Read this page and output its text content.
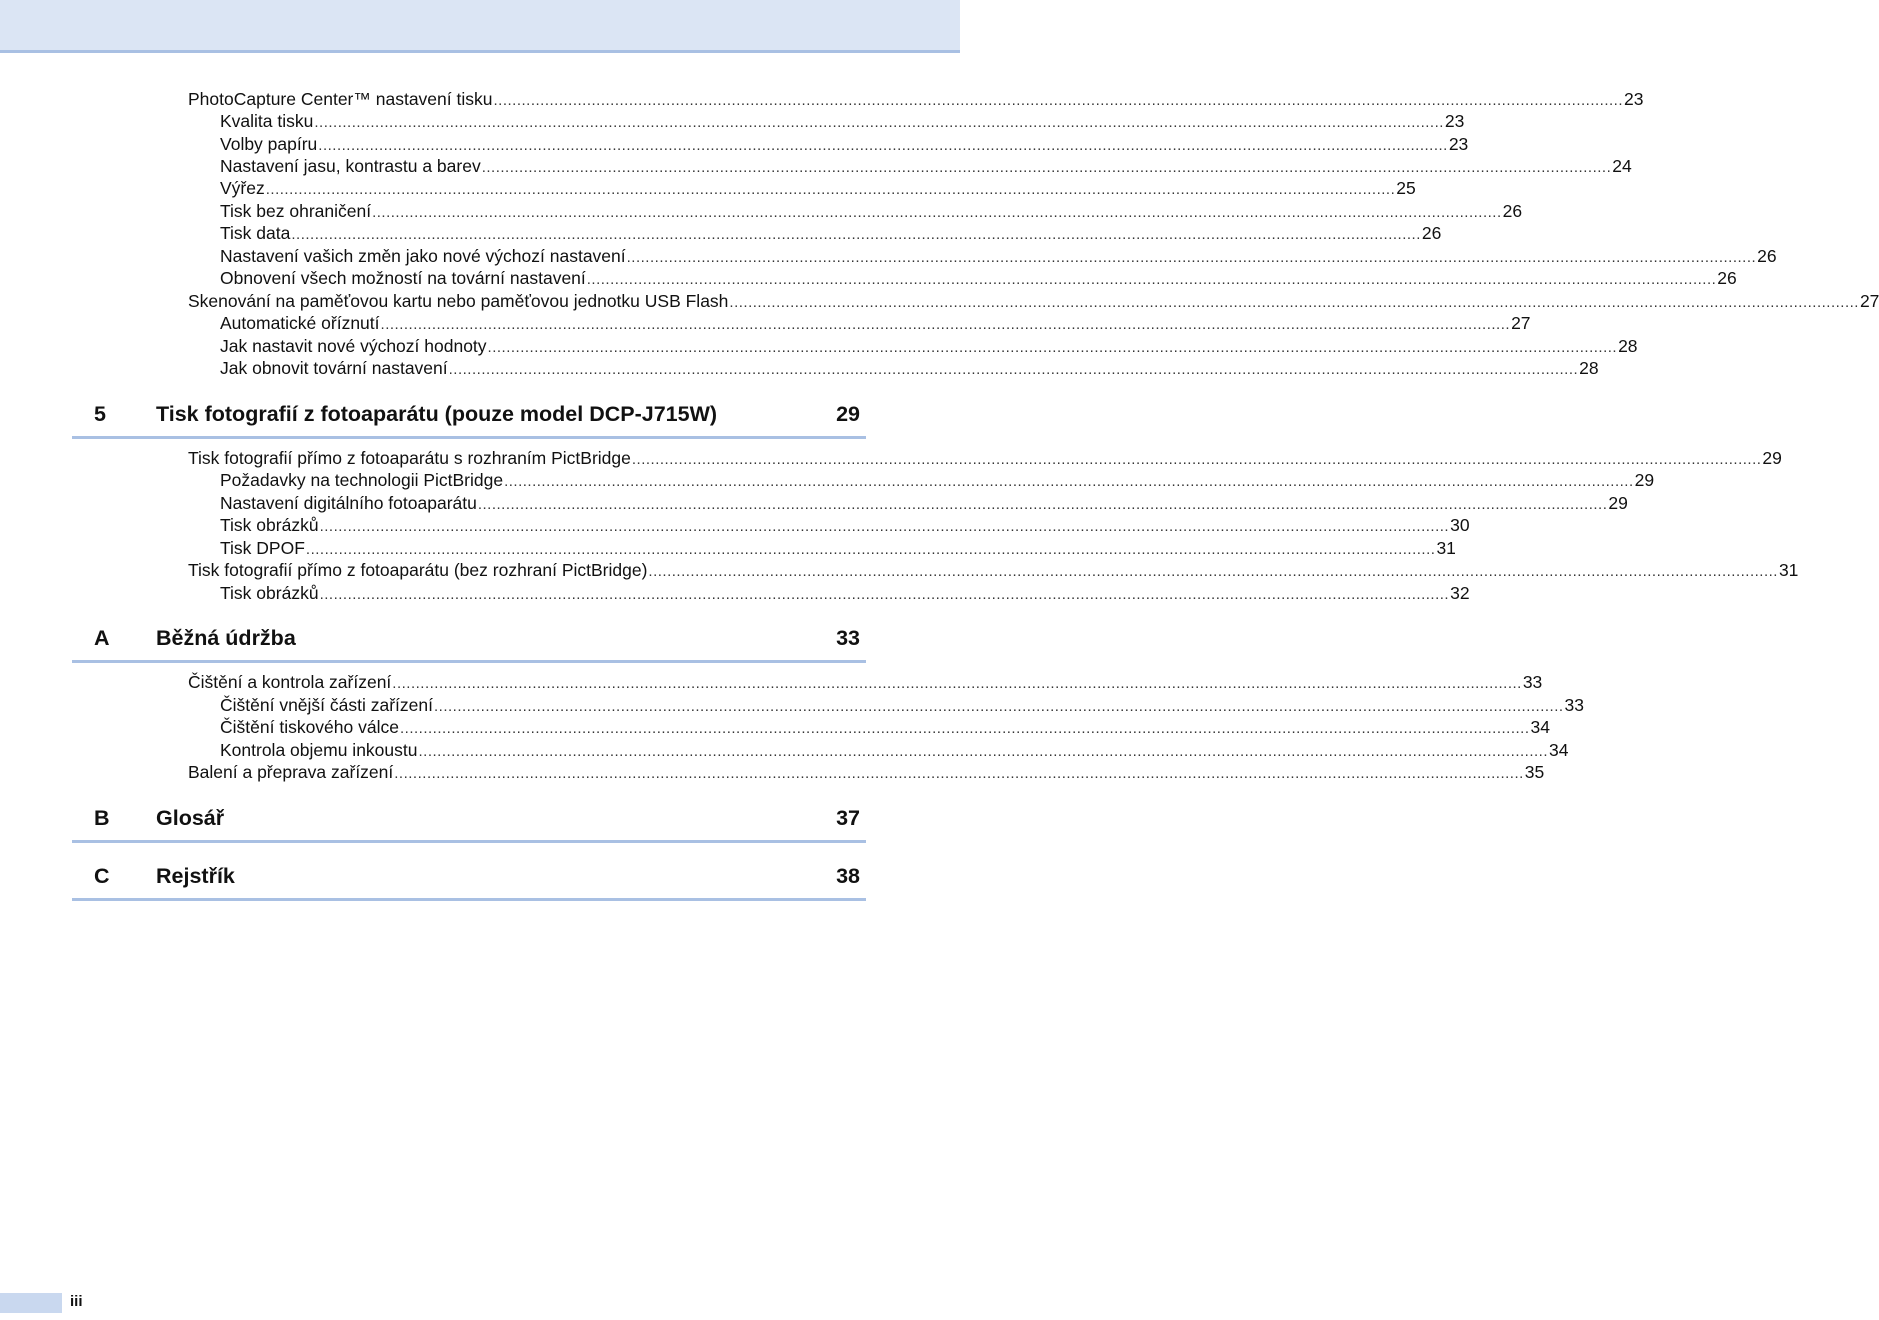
PhotoCapture Center™ nastavení tisku .................................................................................................................................................................................................................................................. 23
Kvalita tisku .................................................................................................................................................................................................................................................. 23
Volby papíru .................................................................................................................................................................................................................................................. 23
Nastavení jasu, kontrastu a barev .................................................................................................................................................................................................................................................. 24
Výřez .................................................................................................................................................................................................................................................. 25
Tisk bez ohraničení .................................................................................................................................................................................................................................................. 26
Tisk data .................................................................................................................................................................................................................................................. 26
Nastavení vašich změn jako nové výchozí nastavení .................................................................................................................................................................................................................................................. 26
Obnovení všech možností na tovární nastavení .................................................................................................................................................................................................................................................. 26
Skenování na paměťovou kartu nebo paměťovou jednotku USB Flash .................................................................................................................................................................................................................................................. 27
Automatické oříznutí .................................................................................................................................................................................................................................................. 27
Jak nastavit nové výchozí hodnoty .................................................................................................................................................................................................................................................. 28
Jak obnovit tovární nastavení .................................................................................................................................................................................................................................................. 28
5 Tisk fotografií z fotoaparátu (pouze model DCP-J715W)	29
Tisk fotografií přímo z fotoaparátu s rozhraním PictBridge .................................................................................................................................................................................................................................................. 29
Požadavky na technologii PictBridge .................................................................................................................................................................................................................................................. 29
Nastavení digitálního fotoaparátu .................................................................................................................................................................................................................................................. 29
Tisk obrázků .................................................................................................................................................................................................................................................. 30
Tisk DPOF .................................................................................................................................................................................................................................................. 31
Tisk fotografií přímo z fotoaparátu (bez rozhraní PictBridge) .................................................................................................................................................................................................................................................. 31
Tisk obrázků .................................................................................................................................................................................................................................................. 32
A Běžná údržba	33
Čištění a kontrola zařízení .................................................................................................................................................................................................................................................. 33
Čištění vnější části zařízení .................................................................................................................................................................................................................................................. 33
Čištění tiskového válce .................................................................................................................................................................................................................................................. 34
Kontrola objemu inkoustu .................................................................................................................................................................................................................................................. 34
Balení a přeprava zařízení .................................................................................................................................................................................................................................................. 35
B Glosář	37
C Rejstřík	38
iii
